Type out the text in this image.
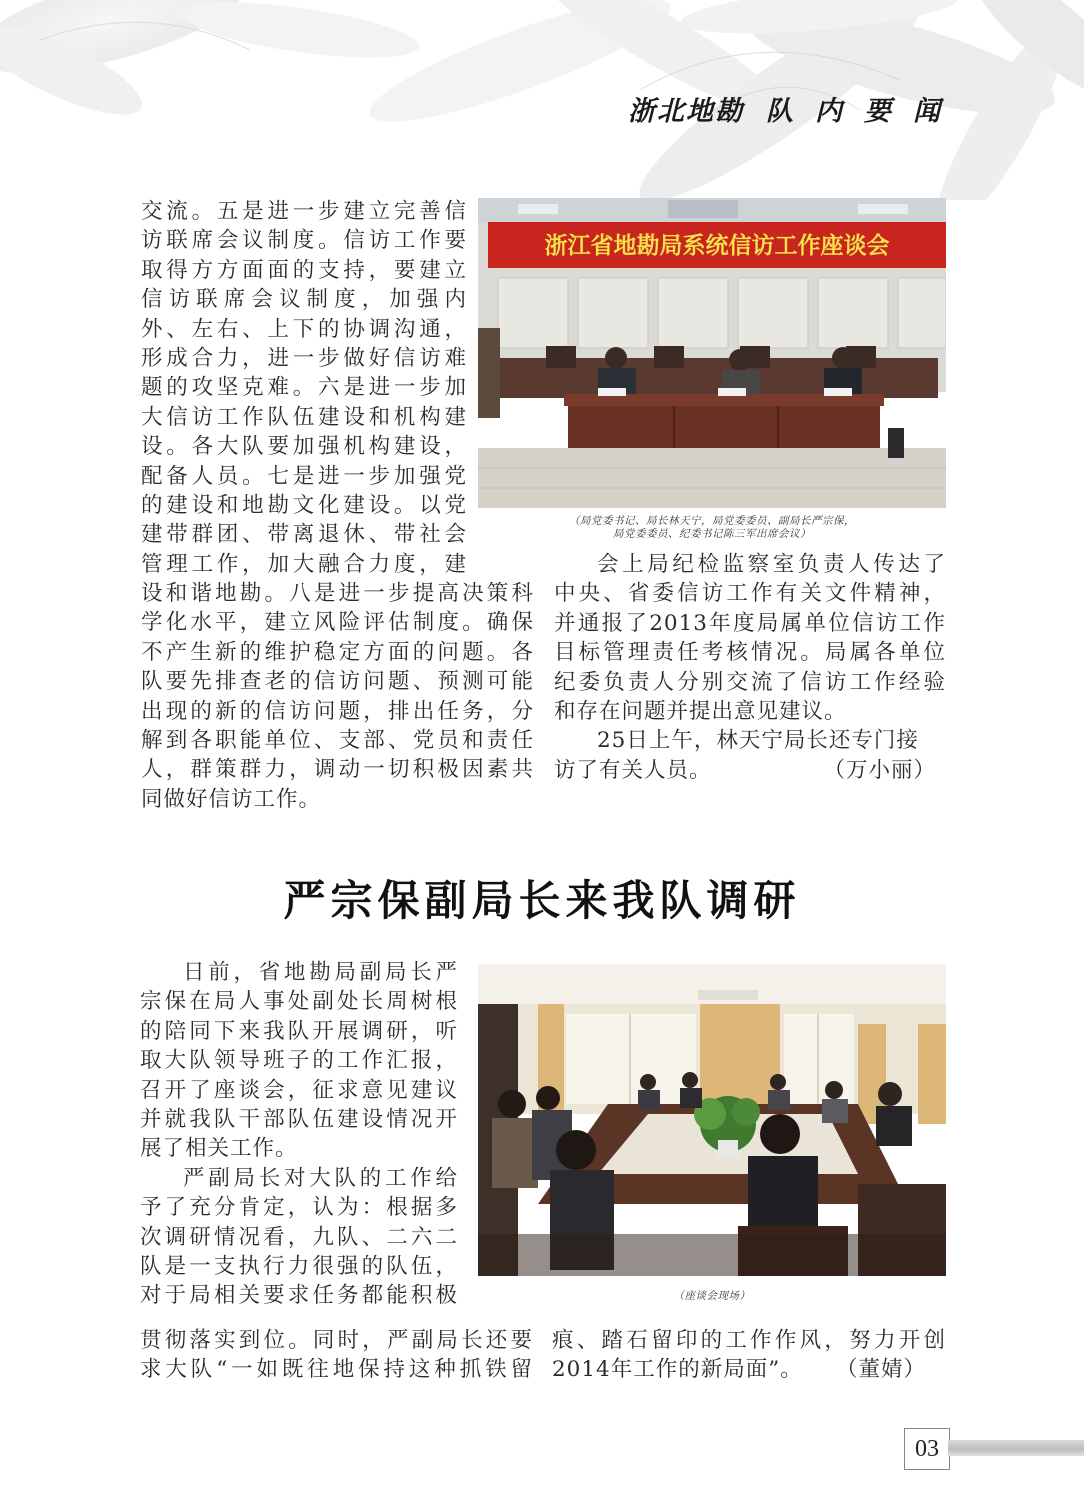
浙北地勘 队 内 要 闻
交流。五是进一步建立完善信
访联席会议制度。信访工作要
取得方方面面的支持，要建立
信访联席会议制度，加强内
外、左右、上下的协调沟通，
形成合力，进一步做好信访难
题的攻坚克难。六是进一步加
大信访工作队伍建设和机构建
设。各大队要加强机构建设，
配备人员。七是进一步加强党
的建设和地勘文化建设。以党
建带群团、带离退休、带社会
管理工作，加大融合力度，建
设和谐地勘。八是进一步提高决策科
学化水平，建立风险评估制度。确保
不产生新的维护稳定方面的问题。各
队要先排查老的信访问题、预测可能
出现的新的信访问题，排出任务，分
解到各职能单位、支部、党员和责任
人，群策群力，调动一切积极因素共
同做好信访工作。
会上局纪检监察室负责人传达了
中央、省委信访工作有关文件精神，
并通报了2013年度局属单位信访工作
目标管理责任考核情况。局属各单位
纪委负责人分别交流了信访工作经验
和存在问题并提出意见建议。
25日上午，林天宁局长还专门接
访了有关人员。	（万小丽）
浙江省地勘局系统信访工作座谈会
（局党委书记、局长林天宁，局党委委员、副局长严宗保，
局党委委员、纪委书记陈三军出席会议）
严宗保副局长来我队调研
日前，省地勘局副局长严
宗保在局人事处副处长周树根
的陪同下来我队开展调研，听
取大队领导班子的工作汇报，
召开了座谈会，征求意见建议
并就我队干部队伍建设情况开
展了相关工作。
严副局长对大队的工作给
予了充分肯定，认为：根据多
次调研情况看，九队、二六二
队是一支执行力很强的队伍，
对于局相关要求任务都能积极
贯彻落实到位。同时，严副局长还要
求大队“一如既往地保持这种抓铁留
痕、踏石留印的工作作风，努力开创
2014年工作的新局面”。 （董婧）
（座谈会现场）
03
